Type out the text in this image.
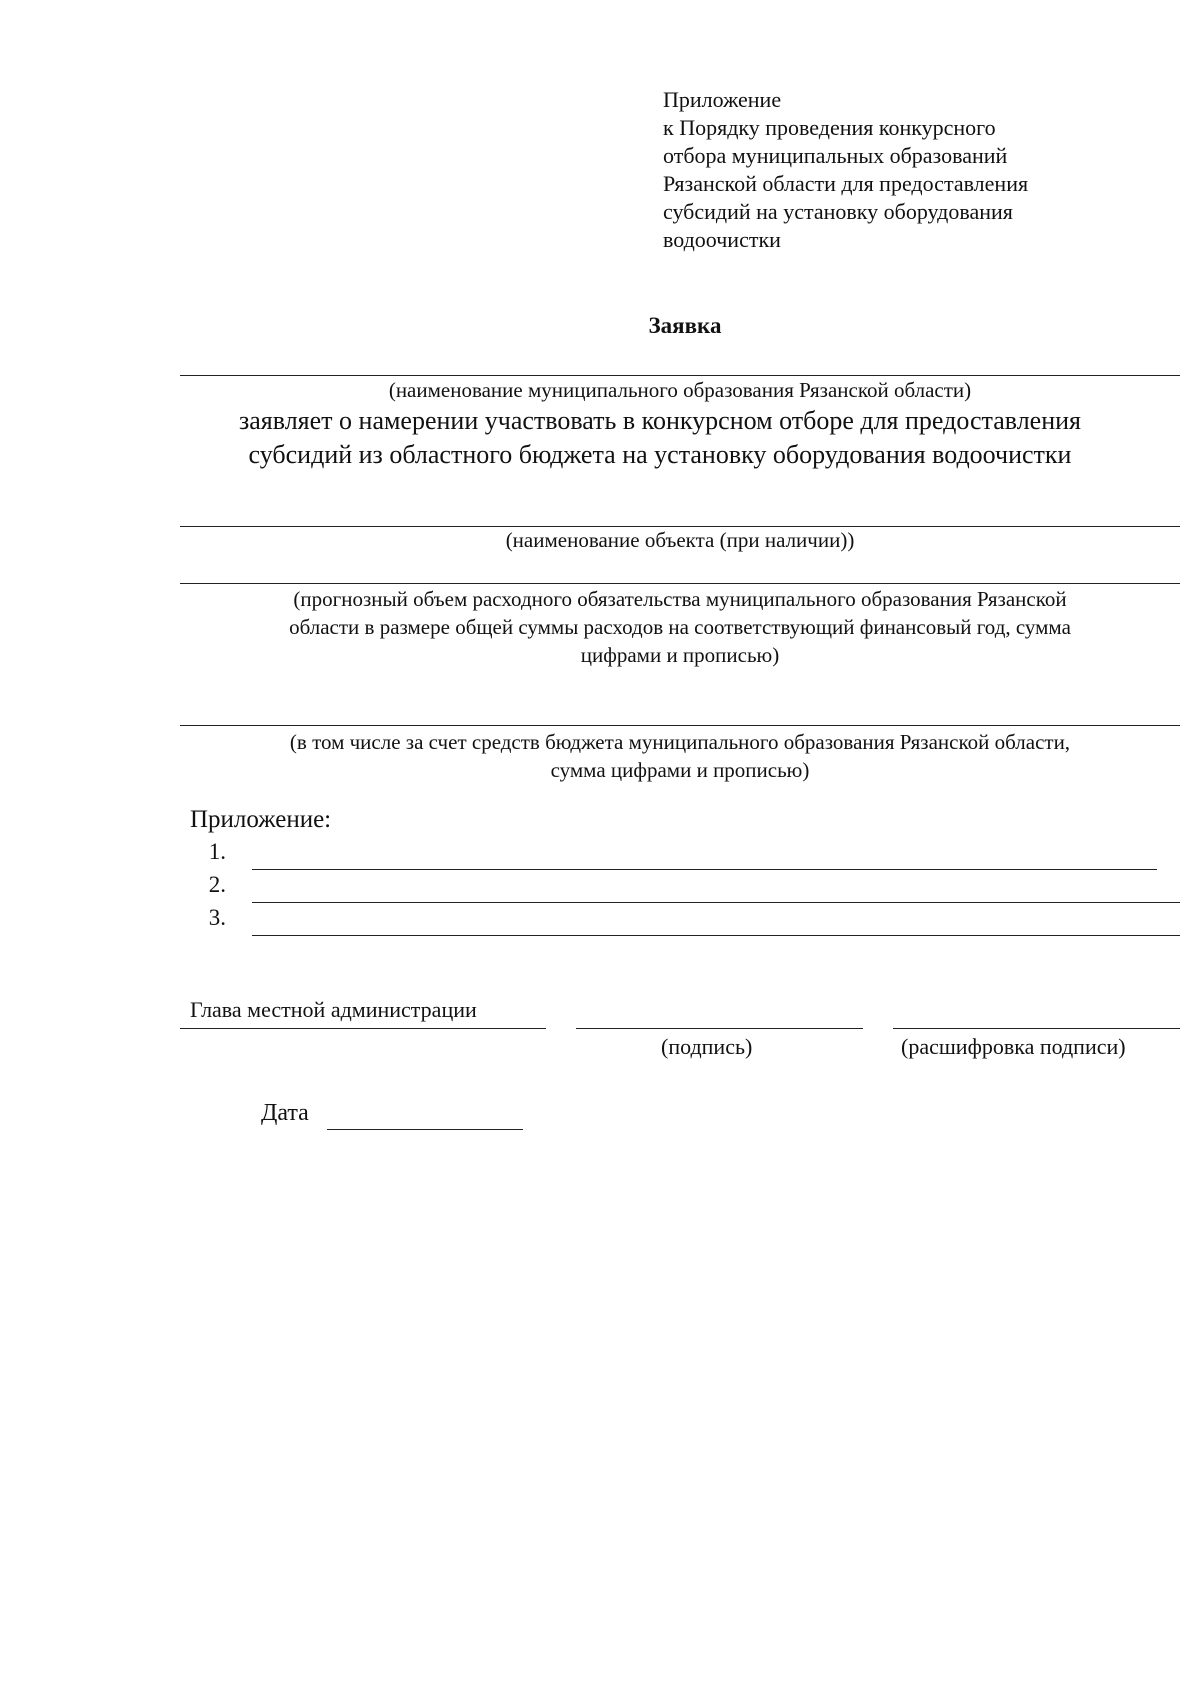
Приложение
к Порядку проведения конкурсного
отбора муниципальных образований
Рязанской области для предоставления
субсидий на установку оборудования
водоочистки
Заявка
(наименование муниципального образования Рязанской области)
заявляет о намерении участвовать в конкурсном отборе для предоставления
субсидий из областного бюджета на установку оборудования водоочистки
(наименование объекта (при наличии))
(прогнозный объем расходного обязательства муниципального образования Рязанской
области в размере общей суммы расходов на соответствующий финансовый год, сумма
цифрами и прописью)
(в том числе за счет средств бюджета муниципального образования Рязанской области,
сумма цифрами и прописью)
Приложение:
1.
2.
3.
Глава местной администрации
(подпись)	(расшифровка подписи)
Дата
